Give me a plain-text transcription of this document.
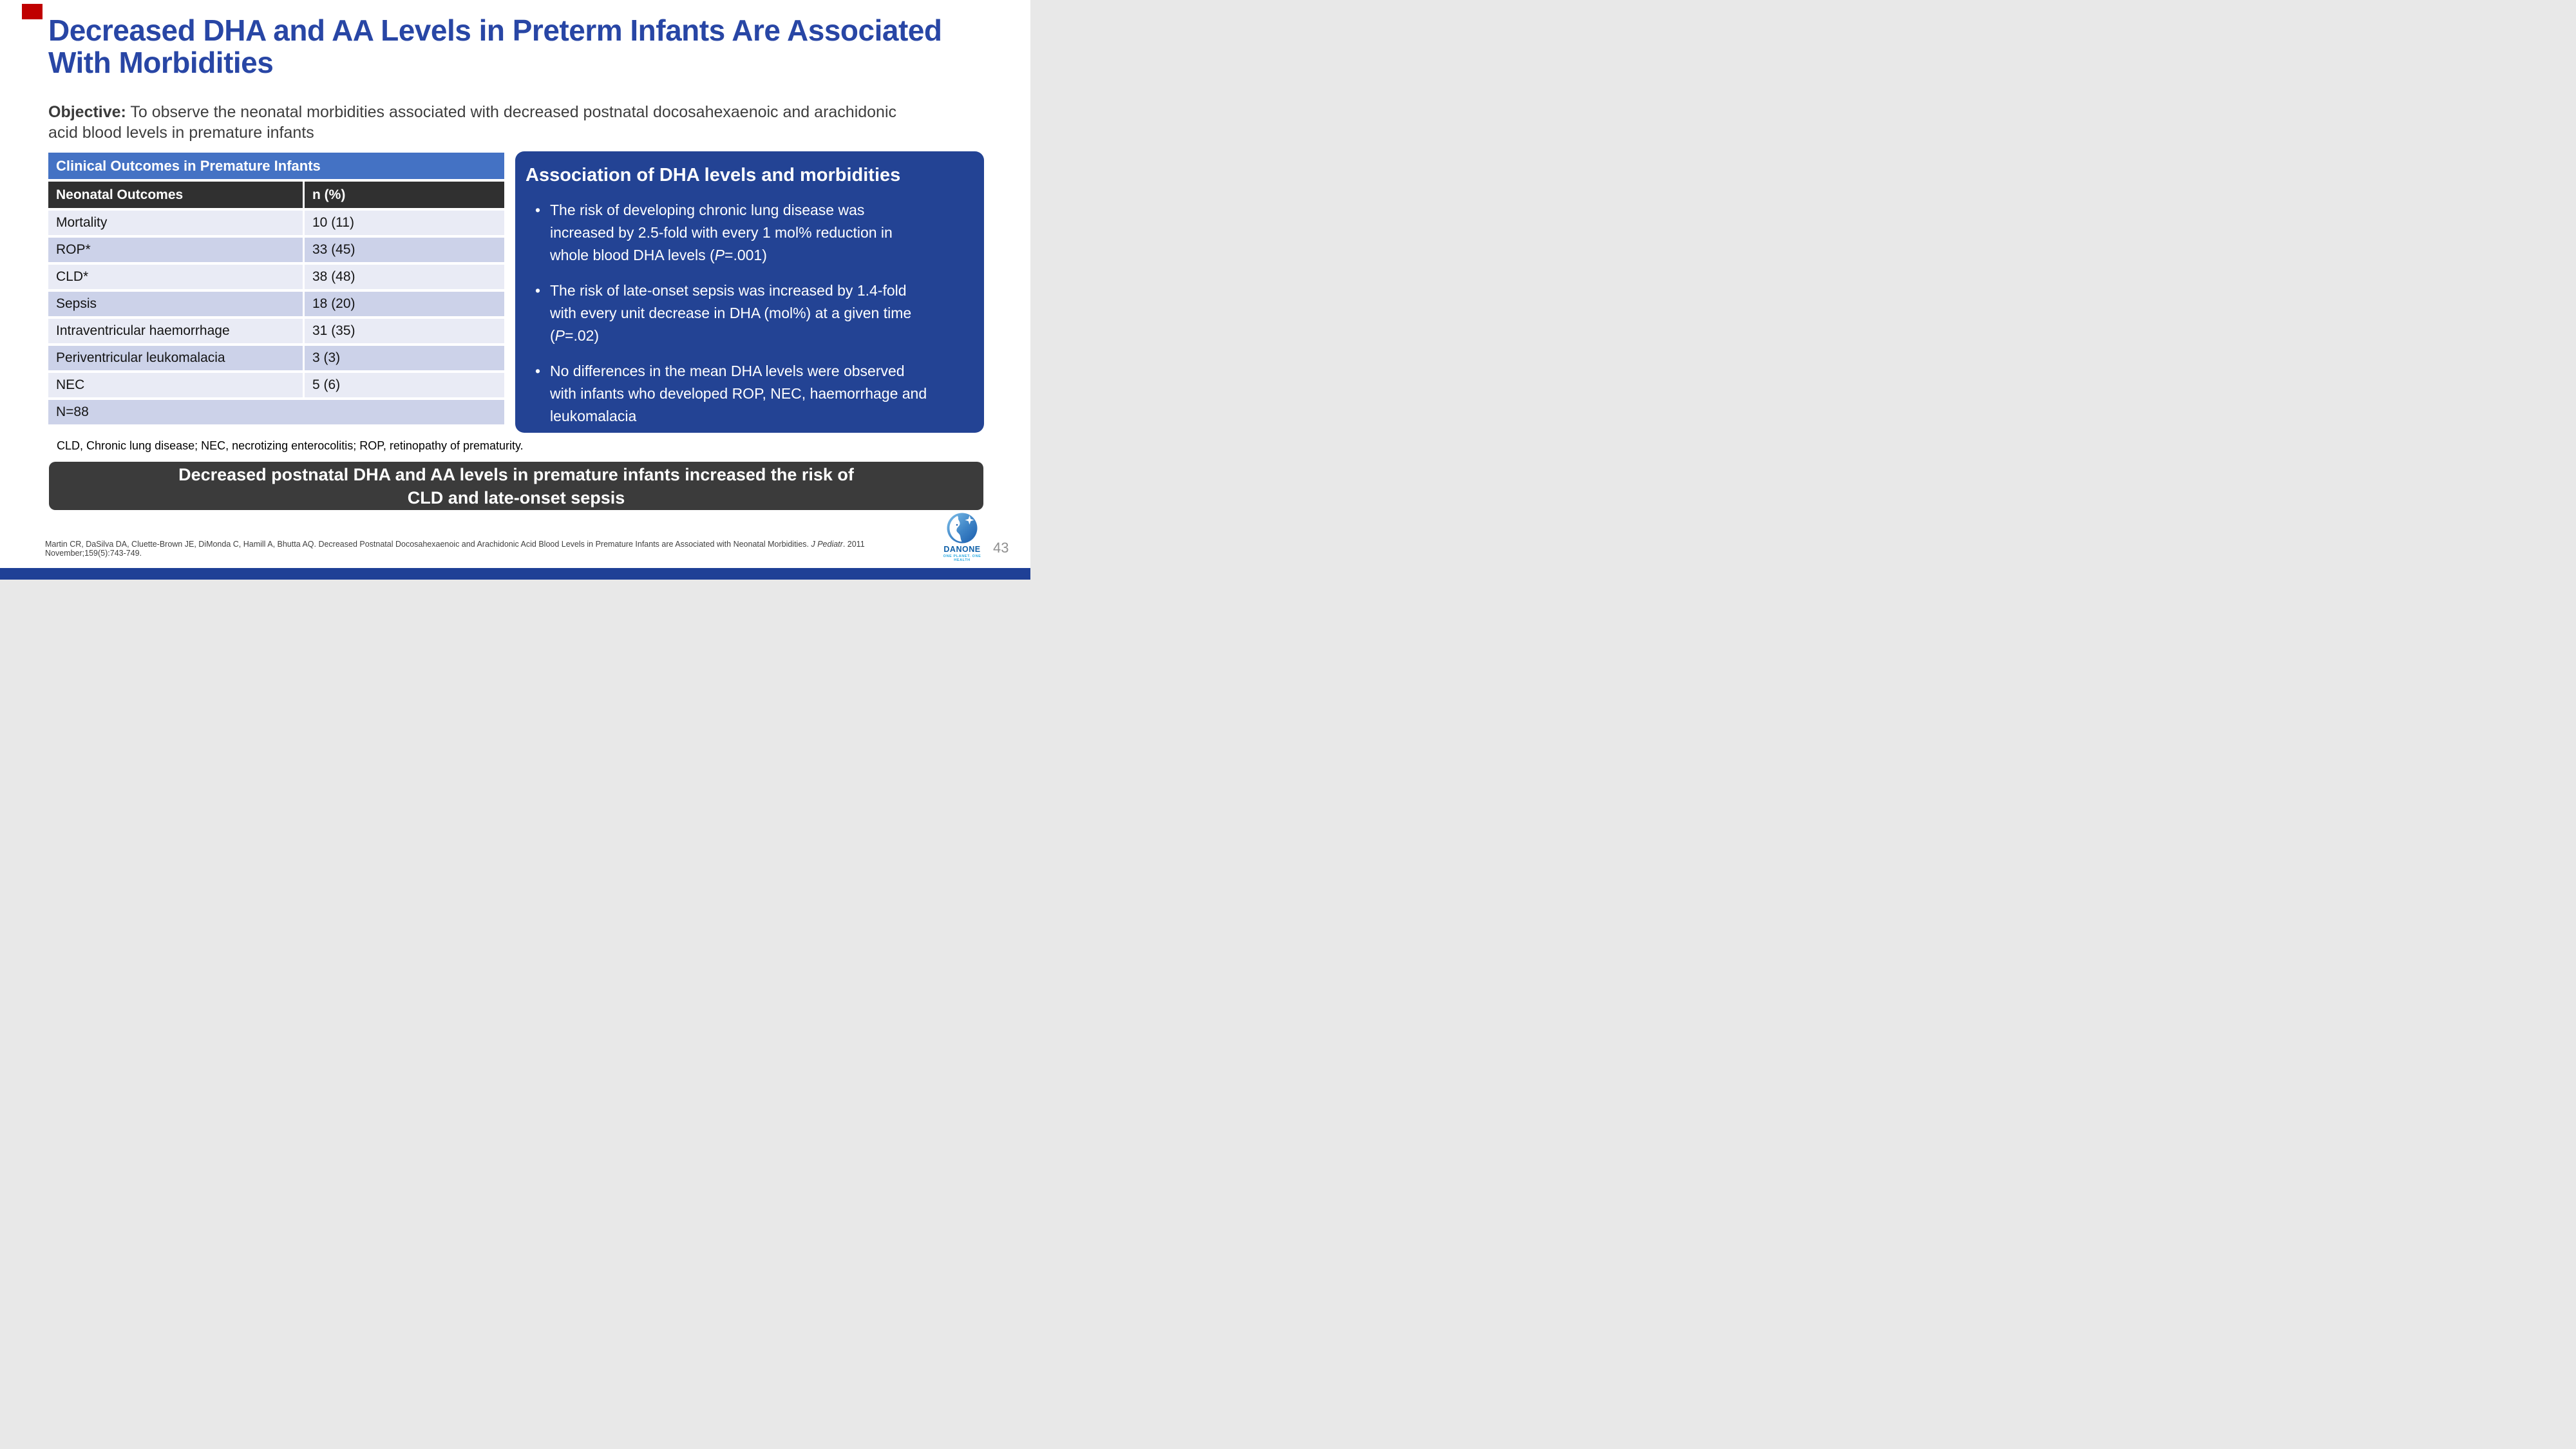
Decreased DHA and AA Levels in Preterm Infants Are Associated
With Morbidities
Objective: To observe the neonatal morbidities associated with decreased postnatal docosahexaenoic and arachidonic acid blood levels in premature infants
Clinical Outcomes in Premature Infants
Neonatal Outcomes	n (%)
Mortality	10 (11)
ROP*	33 (45)
CLD*	38 (48)
Sepsis	18 (20)
Intraventricular haemorrhage	31 (35)
Periventricular leukomalacia	3 (3)
NEC	5 (6)
N=88
CLD, Chronic lung disease; NEC, necrotizing enterocolitis; ROP, retinopathy of prematurity.
Association of DHA levels and morbidities
• The risk of developing chronic lung disease was increased by 2.5-fold with every 1 mol% reduction in whole blood DHA levels (P=.001)
• The risk of late-onset sepsis was increased by 1.4-fold with every unit decrease in DHA (mol%) at a given time (P=.02)
• No differences in the mean DHA levels were observed with infants who developed ROP, NEC, haemorrhage and leukomalacia
Decreased postnatal DHA and AA levels in premature infants increased the risk of
CLD and late-onset sepsis
Martin CR, DaSilva DA, Cluette-Brown JE, DiMonda C, Hamill A, Bhutta AQ. Decreased Postnatal Docosahexaenoic and Arachidonic Acid Blood Levels in Premature Infants are Associated with Neonatal Morbidities. J Pediatr. 2011
November;159(5):743-749.	DANONE
ONE PLANET. ONE HEALTH
43
